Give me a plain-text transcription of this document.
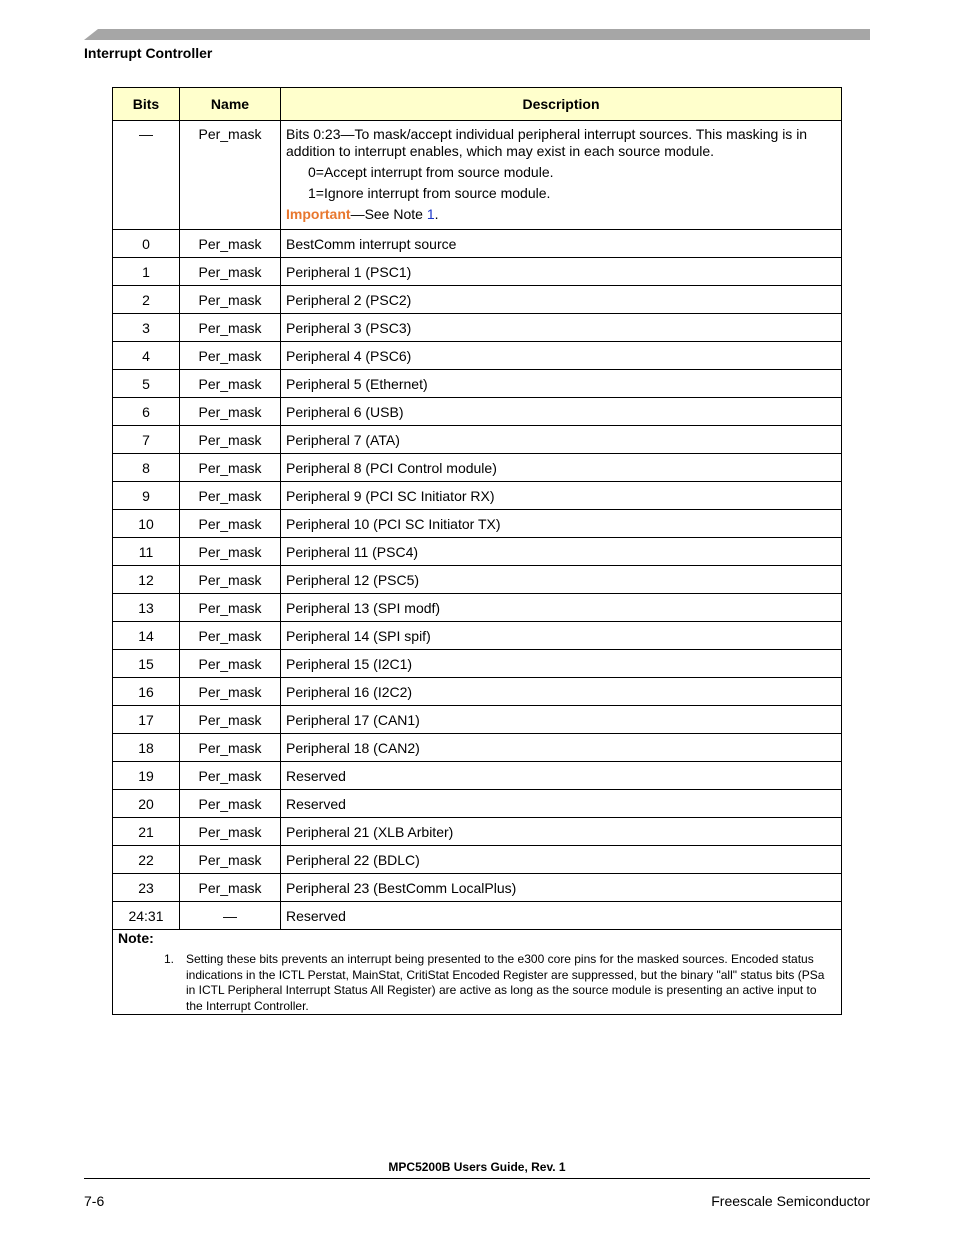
Interrupt Controller
Bits	Name	Description
—	Per_mask	Bits 0:23—To mask/accept individual peripheral interrupt sources. This masking is in addition to interrupt enables, which may exist in each source module.
0=Accept interrupt from source module.
1=Ignore interrupt from source module.
Important—See Note 1.

0	Per_mask	BestComm interrupt source
1	Per_mask	Peripheral 1 (PSC1)
2	Per_mask	Peripheral 2 (PSC2)
3	Per_mask	Peripheral 3 (PSC3)
4	Per_mask	Peripheral 4 (PSC6)
5	Per_mask	Peripheral 5 (Ethernet)
6	Per_mask	Peripheral 6 (USB)
7	Per_mask	Peripheral 7 (ATA)
8	Per_mask	Peripheral 8 (PCI Control module)
9	Per_mask	Peripheral 9 (PCI SC Initiator RX)
10	Per_mask	Peripheral 10 (PCI SC Initiator TX)
11	Per_mask	Peripheral 11 (PSC4)
12	Per_mask	Peripheral 12 (PSC5)
13	Per_mask	Peripheral 13 (SPI modf)
14	Per_mask	Peripheral 14 (SPI spif)
15	Per_mask	Peripheral 15 (I2C1)
16	Per_mask	Peripheral 16 (I2C2)
17	Per_mask	Peripheral 17 (CAN1)
18	Per_mask	Peripheral 18 (CAN2)
19	Per_mask	Reserved
20	Per_mask	Reserved
21	Per_mask	Peripheral 21 (XLB Arbiter)
22	Per_mask	Peripheral 22 (BDLC)
23	Per_mask	Peripheral 23 (BestComm LocalPlus)
24:31	—	Reserved

Note:
1. Setting these bits prevents an interrupt being presented to the e300 core pins for the masked sources. Encoded status indications in the ICTL Perstat, MainStat, CritiStat Encoded Register are suppressed, but the binary "all" status bits (PSa in ICTL Peripheral Interrupt Status All Register) are active as long as the source module is presenting an active input to the Interrupt Controller.		
MPC5200B Users Guide, Rev. 1
7-6	Freescale Semiconductor
